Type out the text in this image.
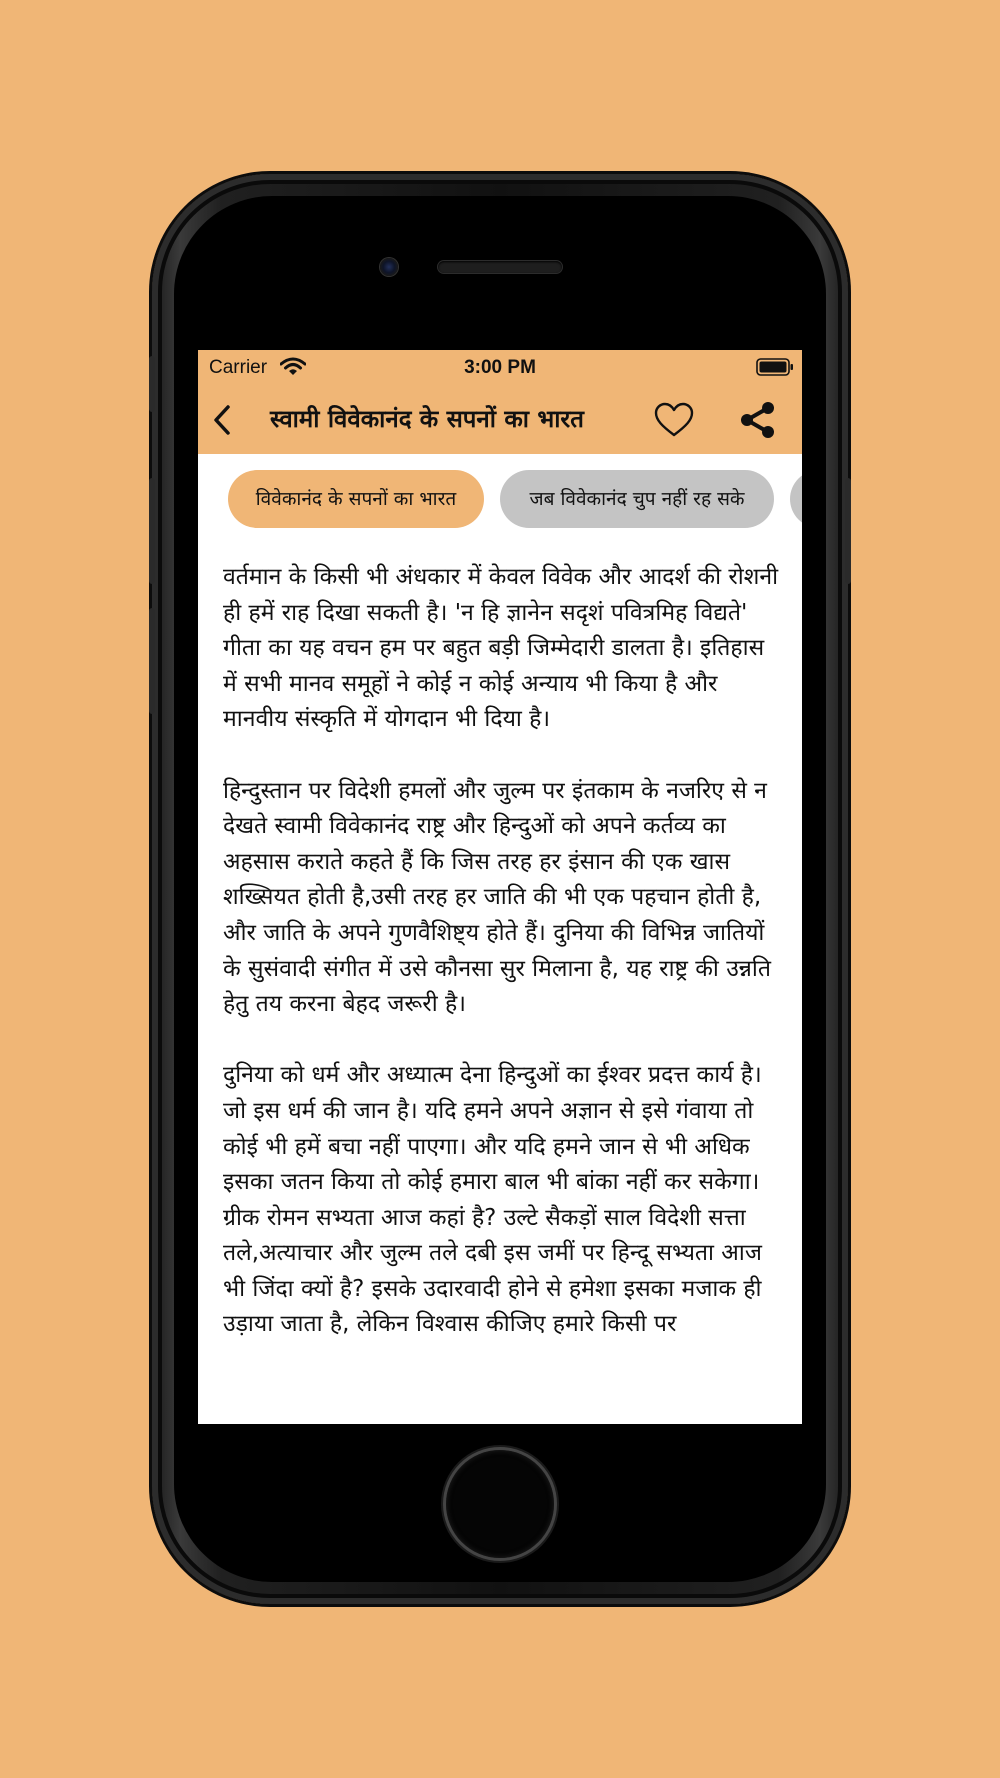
Carrier	3:00 PM
स्वामी विवेकानंद के सपनों का भारत
विवेकानंद के सपनों का भारत	जब विवेकानंद चुप नहीं रह सके

वर्तमान के किसी भी अंधकार में केवल विवेक और आदर्श की रोशनी ही हमें राह दिखा सकती है। 'न हि ज्ञानेन सदृशं पवित्रमिह विद्यते' गीता का यह वचन हम पर बहुत बड़ी जिम्मेदारी डालता है। इतिहास में सभी मानव समूहों ने कोई न कोई अन्याय भी किया है और मानवीय संस्कृति में योगदान भी दिया है।

हिन्दुस्तान पर विदेशी हमलों और जुल्म पर इंतकाम के नजरिए से न देखते स्वामी विवेकानंद राष्ट्र और हिन्दुओं को अपने कर्तव्य का अहसास कराते कहते हैं कि जिस तरह हर इंसान की एक खास शख्सियत होती है,उसी तरह हर जाति की भी एक पहचान होती है, और जाति के अपने गुणवैशिष्ट्य होते हैं। दुनिया की विभिन्न जातियों के सुसंवादी संगीत में उसे कौनसा सुर मिलाना है, यह राष्ट्र की उन्नति हेतु तय करना बेहद जरूरी है।

दुनिया को धर्म और अध्यात्म देना हिन्दुओं का ईश्वर प्रदत्त कार्य है। जो इस धर्म की जान है। यदि हमने अपने अज्ञान से इसे गंवाया तो कोई भी हमें बचा नहीं पाएगा। और यदि हमने जान से भी अधिक इसका जतन किया तो कोई हमारा बाल भी बांका नहीं कर सकेगा। ग्रीक रोमन सभ्यता आज कहां है? उल्टे सैकड़ों साल विदेशी सत्ता तले,अत्याचार और जुल्म तले दबी इस जमीं पर हिन्दू सभ्यता आज भी जिंदा क्यों है? इसके उदारवादी होने से हमेशा इसका मजाक ही उड़ाया जाता है, लेकिन विश्वास कीजिए हमारे किसी पर
